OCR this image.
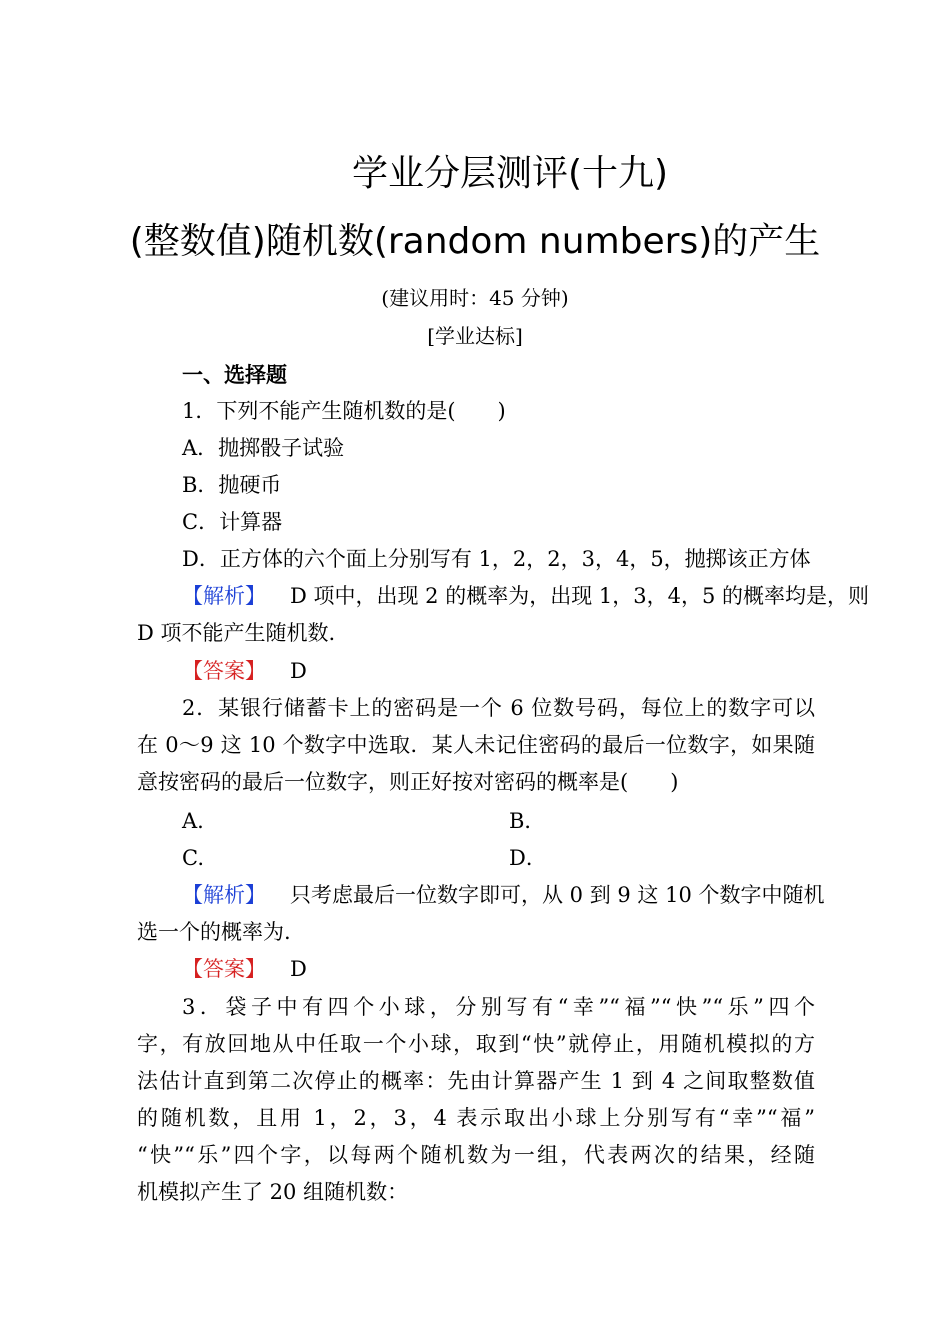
学业分层测评(十九)
(整数值)随机数(random numbers)的产生
(建议用时：45 分钟)
[学业达标]
一、选择题
1．下列不能产生随机数的是(　　)
A．抛掷骰子试验
B．抛硬币
C．计算器
D．正方体的六个面上分别写有 1，2，2，3，4，5，抛掷该正方体
【解析】 D 项中，出现 2 的概率为，出现 1，3，4，5 的概率均是，则
D 项不能产生随机数.
【答案】 D
2．某银行储蓄卡上的密码是一个 6 位数号码，每位上的数字可以
在 0～9 这 10 个数字中选取．某人未记住密码的最后一位数字，如果随
意按密码的最后一位数字，则正好按对密码的概率是(　　)
A.	B．
C.	D．
【解析】 只考虑最后一位数字即可，从 0 到 9 这 10 个数字中随机
选一个的概率为.
【答案】 D
3．袋子中有四个小球，分别写有“幸”“福”“快”“乐”四个
字，有放回地从中任取一个小球，取到“快”就停止，用随机模拟的方
法估计直到第二次停止的概率：先由计算器产生 1 到 4 之间取整数值
的随机数，且用 1，2，3，4 表示取出小球上分别写有“幸”“福”
“快”“乐”四个字，以每两个随机数为一组，代表两次的结果，经随
机模拟产生了 20 组随机数：
